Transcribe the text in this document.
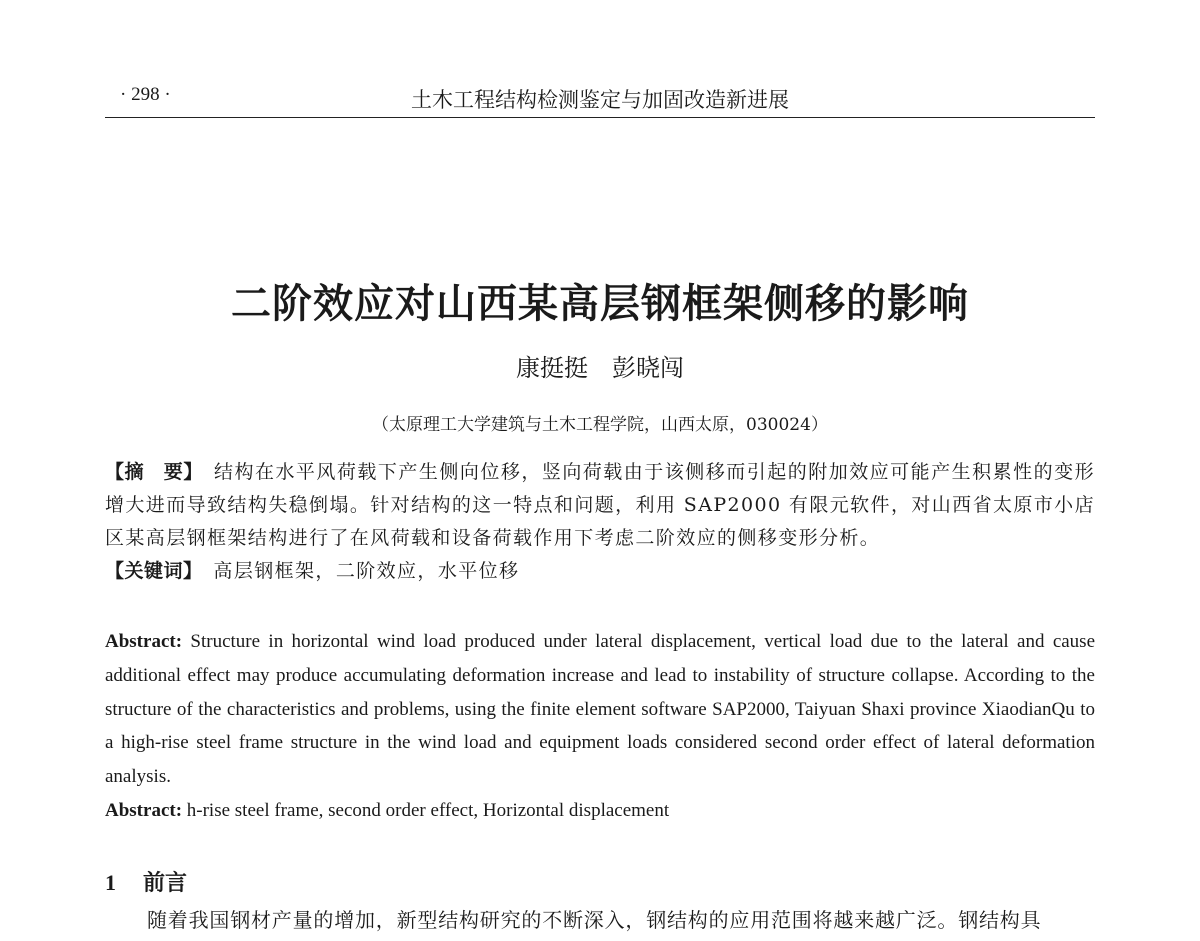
· 298 ·	土木工程结构检测鉴定与加固改造新进展
二阶效应对山西某高层钢框架侧移的影响
康挺挺　彭晓闯
（太原理工大学建筑与土木工程学院，山西太原，030024）

【摘　要】  结构在水平风荷载下产生侧向位移，竖向荷载由于该侧移而引起的附加效应可能产生积累性的变形增大进而导致结构失稳倒塌。针对结构的这一特点和问题，利用 SAP2000 有限元软件，对山西省太原市小店区某高层钢框架结构进行了在风荷载和设备荷载作用下考虑二阶效应的侧移变形分析。

【关键词】  高层钢框架，二阶效应，水平位移

Abstract: Structure in horizontal wind load produced under lateral displacement, vertical load due to the lateral and cause additional effect may produce accumulating deformation increase and lead to instability of structure collapse. According to the structure of the characteristics and problems, using the finite element software SAP2000, Taiyuan Shaxi province XiaodianQu to a high-rise steel frame structure in the wind load and equipment loads considered second order effect of lateral deformation analysis.

Abstract: h-rise steel frame, second order effect, Horizontal displacement

1 前言

随着我国钢材产量的增加，新型结构研究的不断深入，钢结构的应用范围将越来越广泛。钢结构具
